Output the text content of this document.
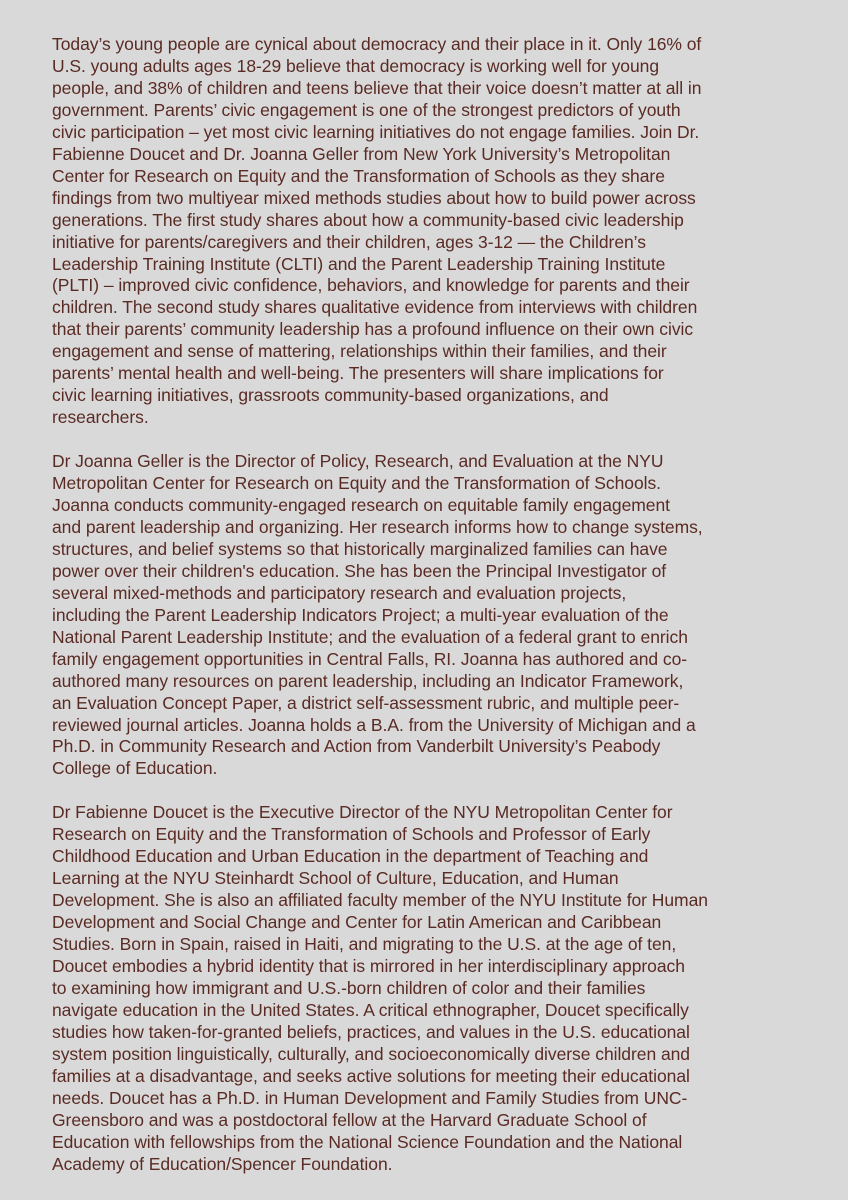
Today’s young people are cynical about democracy and their place in it. Only 16% of
U.S. young adults ages 18-29 believe that democracy is working well for young
people, and 38% of children and teens believe that their voice doesn’t matter at all in
government. Parents’ civic engagement is one of the strongest predictors of youth
civic participation – yet most civic learning initiatives do not engage families. Join Dr.
Fabienne Doucet and Dr. Joanna Geller from New York University’s Metropolitan
Center for Research on Equity and the Transformation of Schools as they share
findings from two multiyear mixed methods studies about how to build power across
generations. The first study shares about how a community-based civic leadership
initiative for parents/caregivers and their children, ages 3-12 — the Children’s
Leadership Training Institute (CLTI) and the Parent Leadership Training Institute
(PLTI) – improved civic confidence, behaviors, and knowledge for parents and their
children. The second study shares qualitative evidence from interviews with children
that their parents’ community leadership has a profound influence on their own civic
engagement and sense of mattering, relationships within their families, and their
parents’ mental health and well-being. The presenters will share implications for
civic learning initiatives, grassroots community-based organizations, and
researchers.

Dr Joanna Geller is the Director of Policy, Research, and Evaluation at the NYU
Metropolitan Center for Research on Equity and the Transformation of Schools.
Joanna conducts community-engaged research on equitable family engagement
and parent leadership and organizing. Her research informs how to change systems,
structures, and belief systems so that historically marginalized families can have
power over their children's education. She has been the Principal Investigator of
several mixed-methods and participatory research and evaluation projects,
including the Parent Leadership Indicators Project; a multi-year evaluation of the
National Parent Leadership Institute; and the evaluation of a federal grant to enrich
family engagement opportunities in Central Falls, RI. Joanna has authored and co-
authored many resources on parent leadership, including an Indicator Framework,
an Evaluation Concept Paper, a district self-assessment rubric, and multiple peer-
reviewed journal articles. Joanna holds a B.A. from the University of Michigan and a
Ph.D. in Community Research and Action from Vanderbilt University’s Peabody
College of Education.

Dr Fabienne Doucet is the Executive Director of the NYU Metropolitan Center for
Research on Equity and the Transformation of Schools and Professor of Early
Childhood Education and Urban Education in the department of Teaching and
Learning at the NYU Steinhardt School of Culture, Education, and Human
Development. She is also an affiliated faculty member of the NYU Institute for Human
Development and Social Change and Center for Latin American and Caribbean
Studies. Born in Spain, raised in Haiti, and migrating to the U.S. at the age of ten,
Doucet embodies a hybrid identity that is mirrored in her interdisciplinary approach
to examining how immigrant and U.S.-born children of color and their families
navigate education in the United States. A critical ethnographer, Doucet specifically
studies how taken-for-granted beliefs, practices, and values in the U.S. educational
system position linguistically, culturally, and socioeconomically diverse children and
families at a disadvantage, and seeks active solutions for meeting their educational
needs. Doucet has a Ph.D. in Human Development and Family Studies from UNC-
Greensboro and was a postdoctoral fellow at the Harvard Graduate School of
Education with fellowships from the National Science Foundation and the National
Academy of Education/Spencer Foundation.
